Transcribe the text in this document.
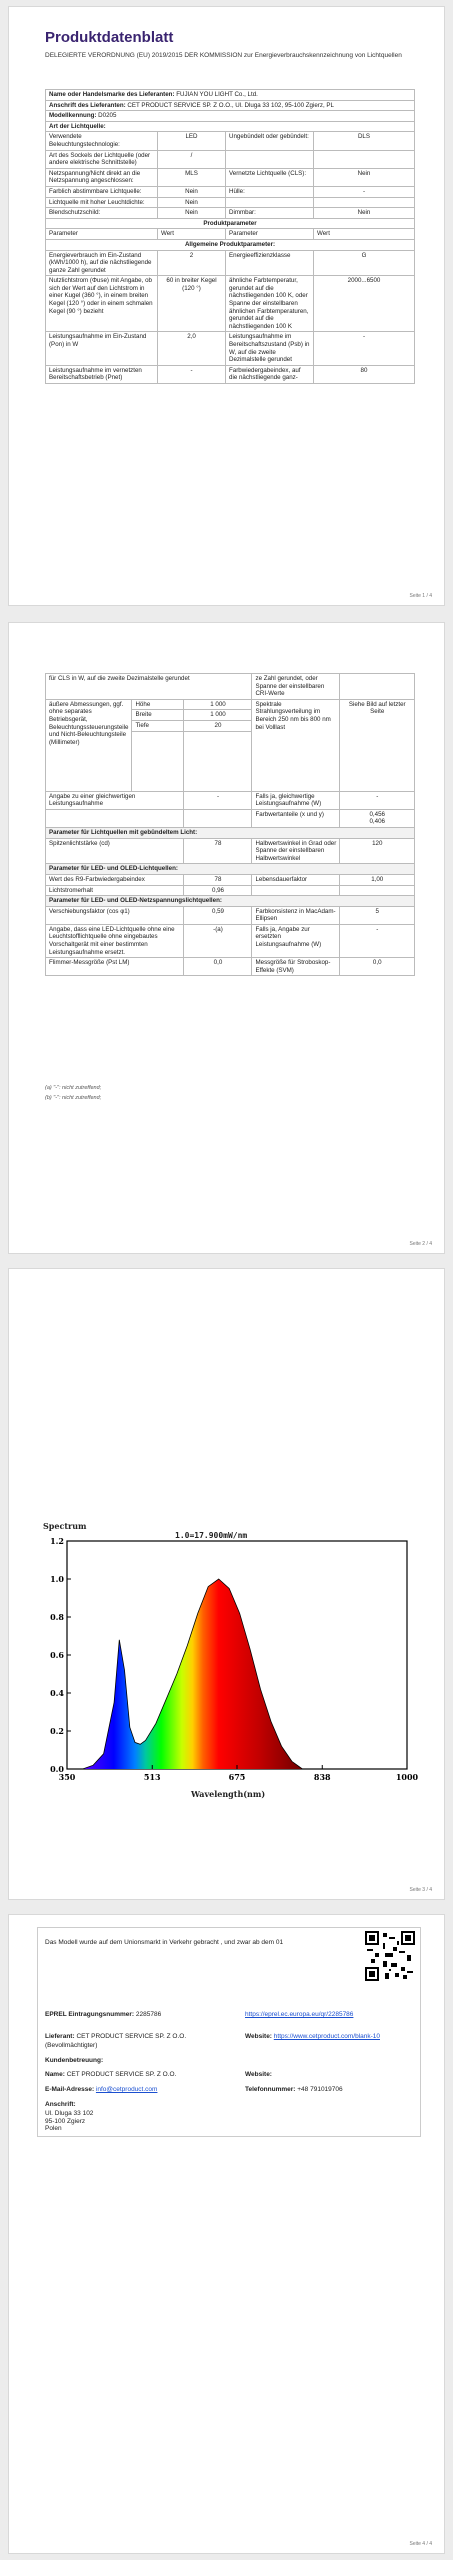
Produktdatenblatt
DELEGIERTE VERORDNUNG (EU) 2019/2015 DER KOMMISSION zur Energieverbrauchskennzeichnung von Lichtquellen
Name oder Handelsmarke des Lieferanten: FUJIAN YOU LIGHT Co., Ltd.			
Anschrift des Lieferanten: CET PRODUCT SERVICE SP. Z O.O., Ul. Dluga 33 102, 95-100 Zgierz, PL			
Modellkennung: D0205			
Art der Lichtquelle:			
Verwendete Beleuchtungstechnologie:	LED	Ungebündelt oder gebündelt:	DLS
Art des Sockels der Lichtquelle (oder andere elektrische Schnittstelle)	/		
Netzspannung/Nicht direkt an die Netzspannung angeschlossen:	MLS	Vernetzte Lichtquelle (CLS):	Nein
Farblich abstimmbare Lichtquelle:	Nein	Hülle:	-
Lichtquelle mit hoher Leuchtdichte:	Nein		
Blendschutzschild:	Nein	Dimmbar:	Nein
Produktparameter			
Parameter	Wert	Parameter	Wert
Allgemeine Produktparameter:			
Energieverbrauch im Ein-Zustand (kWh/1000 h), auf die nächstliegende ganze Zahl gerundet	2	Energieeffizienzklasse	G
Nutzlichtstrom (Φuse) mit Angabe, ob sich der Wert auf den Lichtstrom in einer Kugel (360 °), in einem breiten Kegel (120 °) oder in einem schmalen Kegel (90 °) bezieht	60 in breiter Kegel (120 °)	ähnliche Farbtemperatur, gerundet auf die nächstliegenden 100 K, oder Spanne der einstellbaren ähnlichen Farbtemperaturen, gerundet auf die nächstliegenden 100 K	2000...6500
Leistungsaufnahme im Ein-Zustand (Pon) in W	2,0	Leistungsaufnahme im Bereitschaftszustand (Psb) in W, auf die zweite Dezimalstelle gerundet	-
Leistungsaufnahme im vernetzten Bereitschaftsbetrieb (Pnet)	-	Farbwiedergabeindex, auf die nächstliegende ganz-	80
Seite 1 / 4
für CLS in W, auf die zweite Dezimalstelle gerundet			ze Zahl gerundet, oder Spanne der einstellbaren CRI-Werte	
äußere Abmessungen, ggf. ohne separates Betriebsgerät, Beleuchtungssteuerungsteile und Nicht-Beleuchtungsteile (Millimeter)	Höhe	1 000	Spektrale Strahlungsverteilung im Bereich 250 nm bis 800 nm bei Volllast	Siehe Bild auf letzter Seite
	Breite	1 000		
	Tiefe	20		

Angabe zu einer gleichwertigen Leistungsaufnahme		-	Falls ja, gleichwertige Leistungsaufnahme (W)	-
			Farbwertanteile (x und y)	0,456
0,406
Parameter für Lichtquellen mit gebündeltem Licht:				
Spitzenlichtstärke (cd)		78	Halbwertswinkel in Grad oder Spanne der einstellbaren Halbwertswinkel	120
Parameter für LED- und OLED-Lichtquellen:				
Wert des R9-Farbwiedergabeindex		78	Lebensdauerfaktor	1,00
Lichtstromerhalt		0,96		
Parameter für LED- und OLED-Netzspannungslichtquellen:				
Verschiebungsfaktor (cos φ1)		0,59	Farbkonsistenz in MacAdam-Ellipsen	5
Angabe, dass eine LED-Lichtquelle ohne eine Leuchtstofflichtquelle ohne eingebautes Vorschaltgerät mit einer bestimmten Leistungsaufnahme ersetzt.		-(a)	Falls ja, Angabe zur ersetzten Leistungsaufnahme (W)	-
Flimmer-Messgröße (Pst LM)		0,0	Messgröße für Stroboskop-Effekte (SVM)	0,0
(a) "-": nicht zutreffend;
(b) "-": nicht zutreffend;
Seite 2 / 4
Spectrum
1.0=17.900mW/nm
0.0
0.2
0.4
0.6
0.8
1.0
1.2
350	513	675	838	1000
Wavelength(nm)
Seite 3 / 4
Das Modell wurde auf dem Unionsmarkt in Verkehr gebracht , und zwar ab dem 01
EPREL Eintragungsnummer: 2285786	https://eprel.ec.europa.eu/qr/2285786
Lieferant: CET PRODUCT SERVICE SP. Z O.O. (Bevollmächtigter)
Website: https://www.cetproduct.com/blank-10
Kundenbetreuung:
Name: CET PRODUCT SERVICE SP. Z O.O.	Website:
E-Mail-Adresse: info@cetproduct.com	Telefonnummer: +48 791019706
Anschrift:
Ul. Dluga 33 102
95-100 Zgierz
Polen
Seite 4 / 4
